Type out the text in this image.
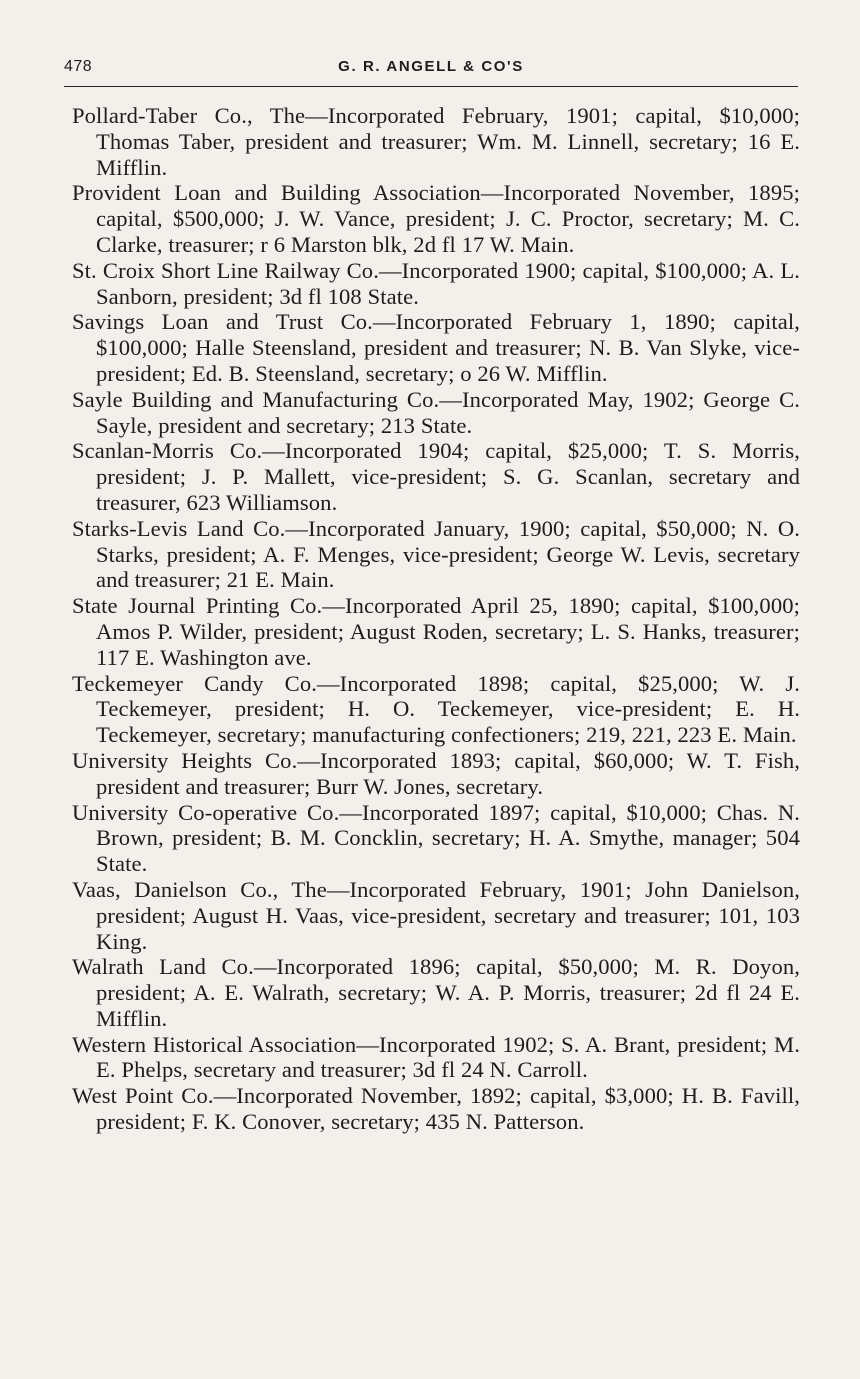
478	G. R. ANGELL & CO'S

Pollard-Taber Co., The—Incorporated February, 1901; capital, $10,000; Thomas Taber, president and treasurer; Wm. M. Linnell, secretary; 16 E. Mifflin.

Provident Loan and Building Association—Incorporated November, 1895; capital, $500,000; J. W. Vance, president; J. C. Proctor, secretary; M. C. Clarke, treasurer; r 6 Marston blk, 2d fl 17 W. Main.

St. Croix Short Line Railway Co.—Incorporated 1900; capital, $100,000; A. L. Sanborn, president; 3d fl 108 State.

Savings Loan and Trust Co.—Incorporated February 1, 1890; capital, $100,000; Halle Steensland, president and treasurer; N. B. Van Slyke, vice-president; Ed. B. Steensland, secretary; o 26 W. Mifflin.

Sayle Building and Manufacturing Co.—Incorporated May, 1902; George C. Sayle, president and secretary; 213 State.

Scanlan-Morris Co.—Incorporated 1904; capital, $25,000; T. S. Morris, president; J. P. Mallett, vice-president; S. G. Scanlan, secretary and treasurer, 623 Williamson.

Starks-Levis Land Co.—Incorporated January, 1900; capital, $50,000; N. O. Starks, president; A. F. Menges, vice-president; George W. Levis, secretary and treasurer; 21 E. Main.

State Journal Printing Co.—Incorporated April 25, 1890; capital, $100,000; Amos P. Wilder, president; August Roden, secretary; L. S. Hanks, treasurer; 117 E. Washington ave.

Teckemeyer Candy Co.—Incorporated 1898; capital, $25,000; W. J. Teckemeyer, president; H. O. Teckemeyer, vice-president; E. H. Teckemeyer, secretary; manufacturing confectioners; 219, 221, 223 E. Main.

University Heights Co.—Incorporated 1893; capital, $60,000; W. T. Fish, president and treasurer; Burr W. Jones, secretary.

University Co-operative Co.—Incorporated 1897; capital, $10,000; Chas. N. Brown, president; B. M. Concklin, secretary; H. A. Smythe, manager; 504 State.

Vaas, Danielson Co., The—Incorporated February, 1901; John Danielson, president; August H. Vaas, vice-president, secretary and treasurer; 101, 103 King.

Walrath Land Co.—Incorporated 1896; capital, $50,000; M. R. Doyon, president; A. E. Walrath, secretary; W. A. P. Morris, treasurer; 2d fl 24 E. Mifflin.

Western Historical Association—Incorporated 1902; S. A. Brant, president; M. E. Phelps, secretary and treasurer; 3d fl 24 N. Carroll.

West Point Co.—Incorporated November, 1892; capital, $3,000; H. B. Favill, president; F. K. Conover, secretary; 435 N. Patterson.
